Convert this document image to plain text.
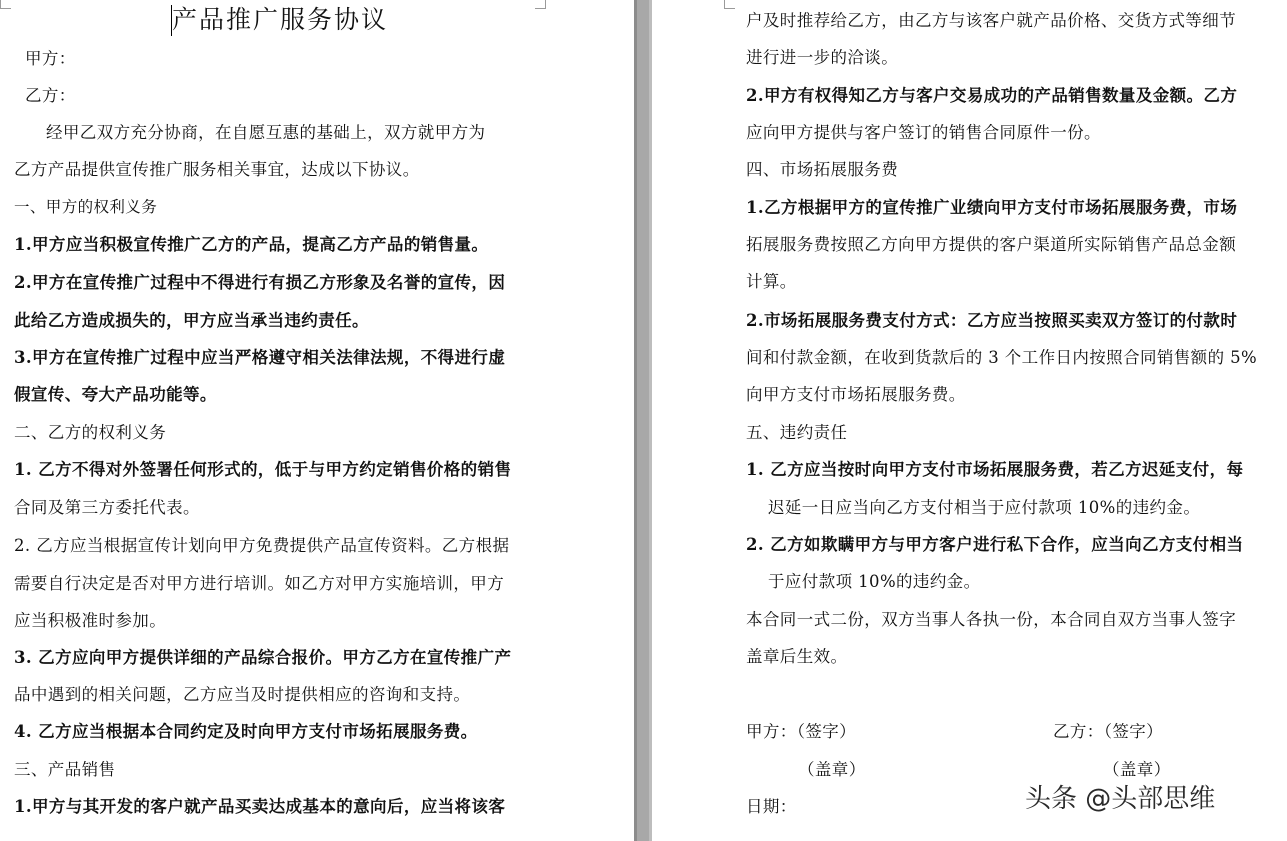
产品推广服务协议
甲方：
乙方：
经甲乙双方充分协商，在自愿互惠的基础上，双方就甲方为
乙方产品提供宣传推广服务相关事宜，达成以下协议。
一、甲方的权利义务
1.甲方应当积极宣传推广乙方的产品，提高乙方产品的销售量。
2.甲方在宣传推广过程中不得进行有损乙方形象及名誉的宣传，因
此给乙方造成损失的，甲方应当承当违约责任。
3.甲方在宣传推广过程中应当严格遵守相关法律法规，不得进行虚
假宣传、夸大产品功能等。
二、乙方的权利义务
1. 乙方不得对外签署任何形式的，低于与甲方约定销售价格的销售
合同及第三方委托代表。
2. 乙方应当根据宣传计划向甲方免费提供产品宣传资料。乙方根据
需要自行决定是否对甲方进行培训。如乙方对甲方实施培训，甲方
应当积极准时参加。
3. 乙方应向甲方提供详细的产品综合报价。甲方乙方在宣传推广产
品中遇到的相关问题，乙方应当及时提供相应的咨询和支持。
4. 乙方应当根据本合同约定及时向甲方支付市场拓展服务费。
三、产品销售
1.甲方与其开发的客户就产品买卖达成基本的意向后，应当将该客
户及时推荐给乙方，由乙方与该客户就产品价格、交货方式等细节
进行进一步的洽谈。
2.甲方有权得知乙方与客户交易成功的产品销售数量及金额。乙方
应向甲方提供与客户签订的销售合同原件一份。
四、市场拓展服务费
1.乙方根据甲方的宣传推广业绩向甲方支付市场拓展服务费，市场
拓展服务费按照乙方向甲方提供的客户渠道所实际销售产品总金额
计算。
2.市场拓展服务费支付方式：乙方应当按照买卖双方签订的付款时
间和付款金额，在收到货款后的 3 个工作日内按照合同销售额的 5%
向甲方支付市场拓展服务费。
五、违约责任
1. 乙方应当按时向甲方支付市场拓展服务费，若乙方迟延支付，每
迟延一日应当向乙方支付相当于应付款项 10%的违约金。
2. 乙方如欺瞒甲方与甲方客户进行私下合作，应当向乙方支付相当
于应付款项 10%的违约金。
本合同一式二份，双方当事人各执一份，本合同自双方当事人签字
盖章后生效。
甲方：（签字）	乙方：（签字）
（盖章）	（盖章）
日期：	头条 @头部思维
